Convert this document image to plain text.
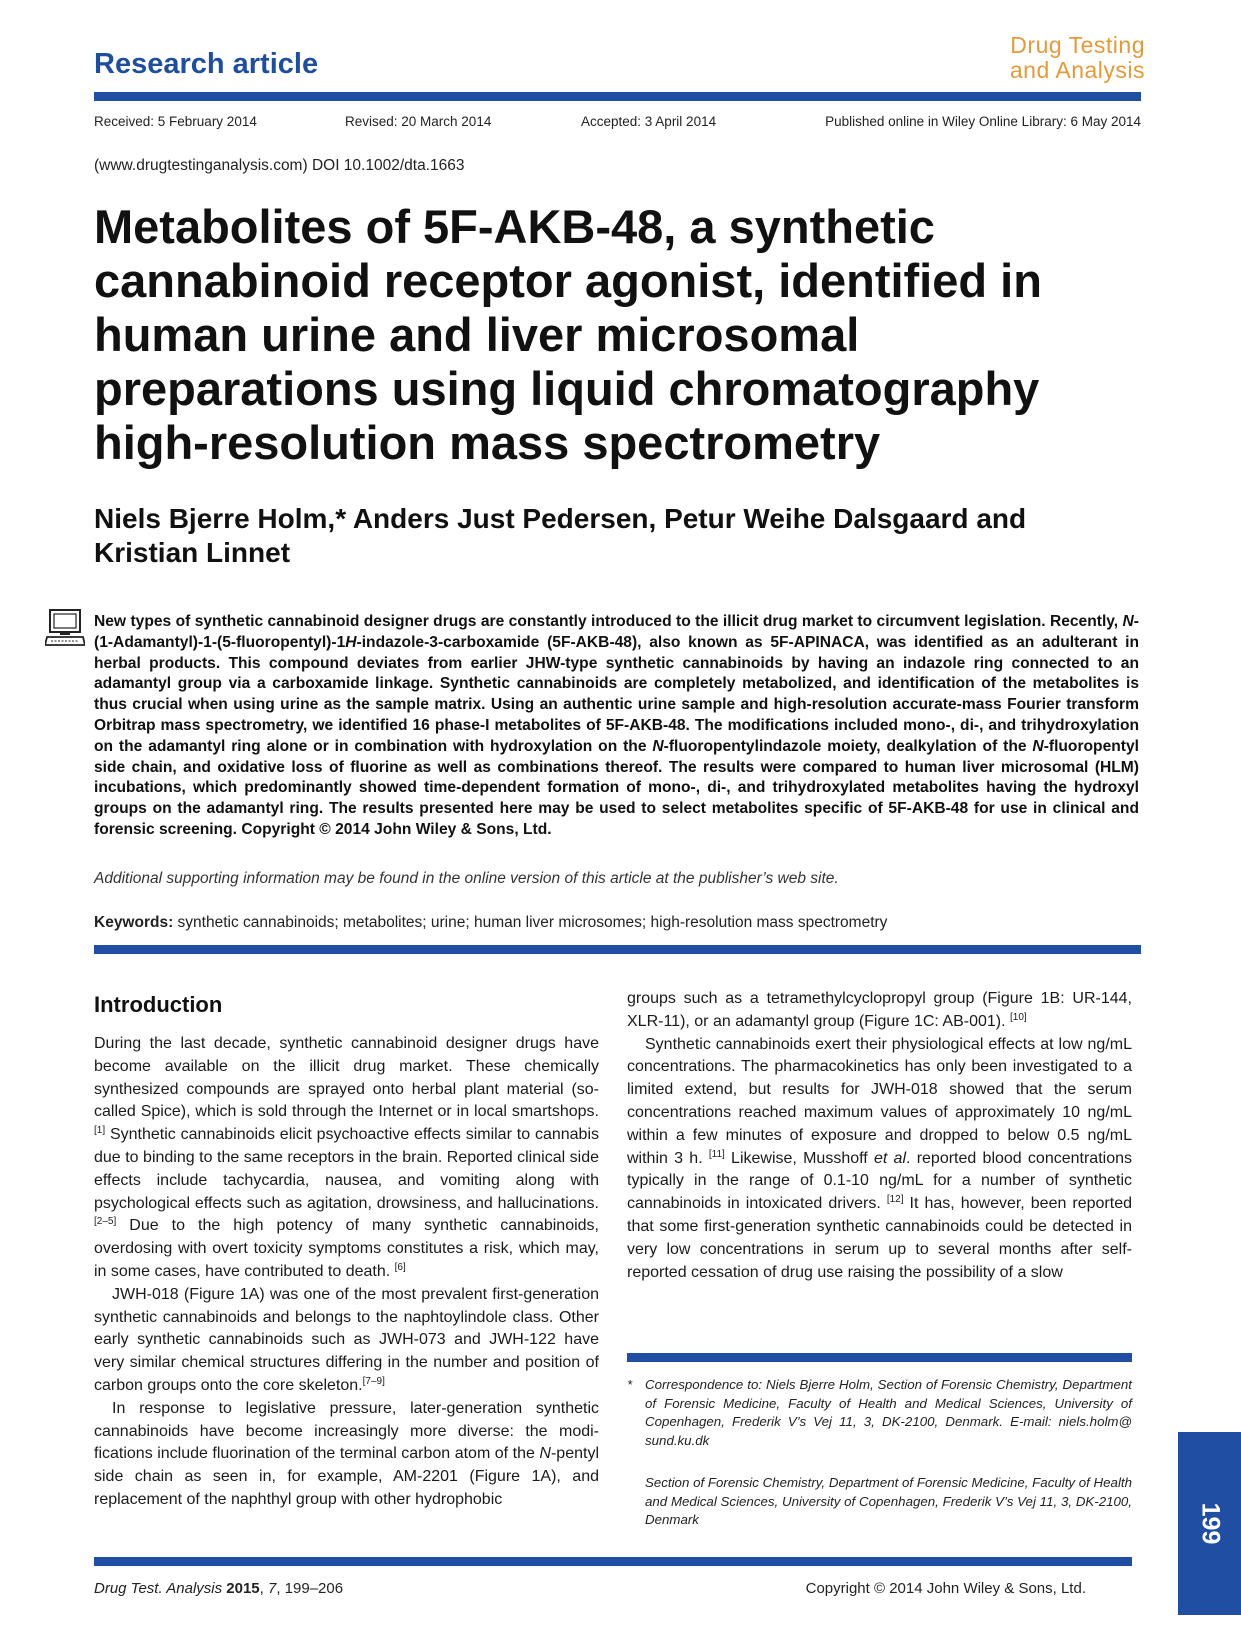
Research article
Drug Testing
and Analysis
Received: 5 February 2014	Revised: 20 March 2014	Accepted: 3 April 2014	Published online in Wiley Online Library: 6 May 2014
(www.drugtestinganalysis.com) DOI 10.1002/dta.1663
Metabolites of 5F-AKB-48, a synthetic cannabinoid receptor agonist, identified in human urine and liver microsomal preparations using liquid chromatography high-resolution mass spectrometry
Niels Bjerre Holm,* Anders Just Pedersen, Petur Weihe Dalsgaard and
Kristian Linnet
New types of synthetic cannabinoid designer drugs are constantly introduced to the illicit drug market to circumvent legislation. Recently, N-(1-Adamantyl)-1-(5-fluoropentyl)-1H-indazole-3-carboxamide (5F-AKB-48), also known as 5F-APINACA, was identified as an adulterant in herbal products. This compound deviates from earlier JHW-type synthetic cannabinoids by having an indazole ring connected to an adamantyl group via a carboxamide linkage. Synthetic cannabinoids are completely metabolized, and identification of the metabolites is thus crucial when using urine as the sample matrix. Using an authentic urine sample and high-resolution accurate-mass Fourier transform Orbitrap mass spectrometry, we identified 16 phase-I metabolites of 5F-AKB-48. The modifications included mono-, di-, and trihydroxylation on the adamantyl ring alone or in combination with hydroxylation on the N-fluoropentylindazole moiety, dealkylation of the N-fluoropentyl side chain, and oxidative loss of fluorine as well as combinations thereof. The results were compared to human liver microsomal (HLM) incubations, which predominantly showed time-dependent formation of mono-, di-, and trihydroxylated metabolites having the hydroxyl groups on the adamantyl ring. The results presented here may be used to select metabolites specific of 5F-AKB-48 for use in clinical and forensic screening. Copyright © 2014 John Wiley & Sons, Ltd.
Additional supporting information may be found in the online version of this article at the publisher’s web site.
Keywords: synthetic cannabinoids; metabolites; urine; human liver microsomes; high-resolution mass spectrometry
Introduction

During the last decade, synthetic cannabinoid designer drugs have become available on the illicit drug market. These chemically synthesized compounds are sprayed onto herbal plant material (so-called Spice), which is sold through the Internet or in local smartshops. [1] Synthetic cannabinoids elicit psychoactive effects similar to cannabis due to binding to the same receptors in the brain. Reported clinical side effects include tachycardia, nausea, and vomiting along with psychological effects such as agitation, drowsiness, and hallucinations.[2–5] Due to the high potency of many synthetic cannabinoids, overdosing with overt toxicity symptoms constitutes a risk, which may, in some cases, have contributed to death. [6]

JWH-018 (Figure 1A) was one of the most prevalent first-generation synthetic cannabinoids and belongs to the naphtoylindole class. Other early synthetic cannabinoids such as JWH-073 and JWH-122 have very similar chemical structures differing in the number and position of carbon groups onto the core skeleton.[7–9]

In response to legislative pressure, later-generation synthetic cannabinoids have become increasingly more diverse: the modifications include fluorination of the terminal carbon atom of the N-pentyl side chain as seen in, for example, AM-2201 (Figure 1A), and replacement of the naphthyl group with other hydrophobic

groups such as a tetramethylcyclopropyl group (Figure 1B: UR-144, XLR-11), or an adamantyl group (Figure 1C: AB-001). [10]

Synthetic cannabinoids exert their physiological effects at low ng/mL concentrations. The pharmacokinetics has only been investigated to a limited extend, but results for JWH-018 showed that the serum concentrations reached maximum values of approximately 10 ng/mL within a few minutes of exposure and dropped to below 0.5 ng/mL within 3 h. [11] Likewise, Musshoff et al. reported blood concentrations typically in the range of 0.1-10 ng/mL for a number of synthetic cannabinoids in intoxicated drivers. [12] It has, however, been reported that some first-generation synthetic cannabinoids could be detected in very low concentrations in serum up to several months after self-reported cessation of drug use raising the possibility of a slow

* Correspondence to: Niels Bjerre Holm, Section of Forensic Chemistry, Department of Forensic Medicine, Faculty of Health and Medical Sciences, University of Copenhagen, Frederik V’s Vej 11, 3, DK-2100, Denmark. E-mail: niels.holm@ sund.ku.dk
Section of Forensic Chemistry, Department of Forensic Medicine, Faculty of Health and Medical Sciences, University of Copenhagen, Frederik V’s Vej 11, 3, DK-2100, Denmark
Drug Test. Analysis 2015, 7, 199–206	Copyright © 2014 John Wiley & Sons, Ltd.
199
